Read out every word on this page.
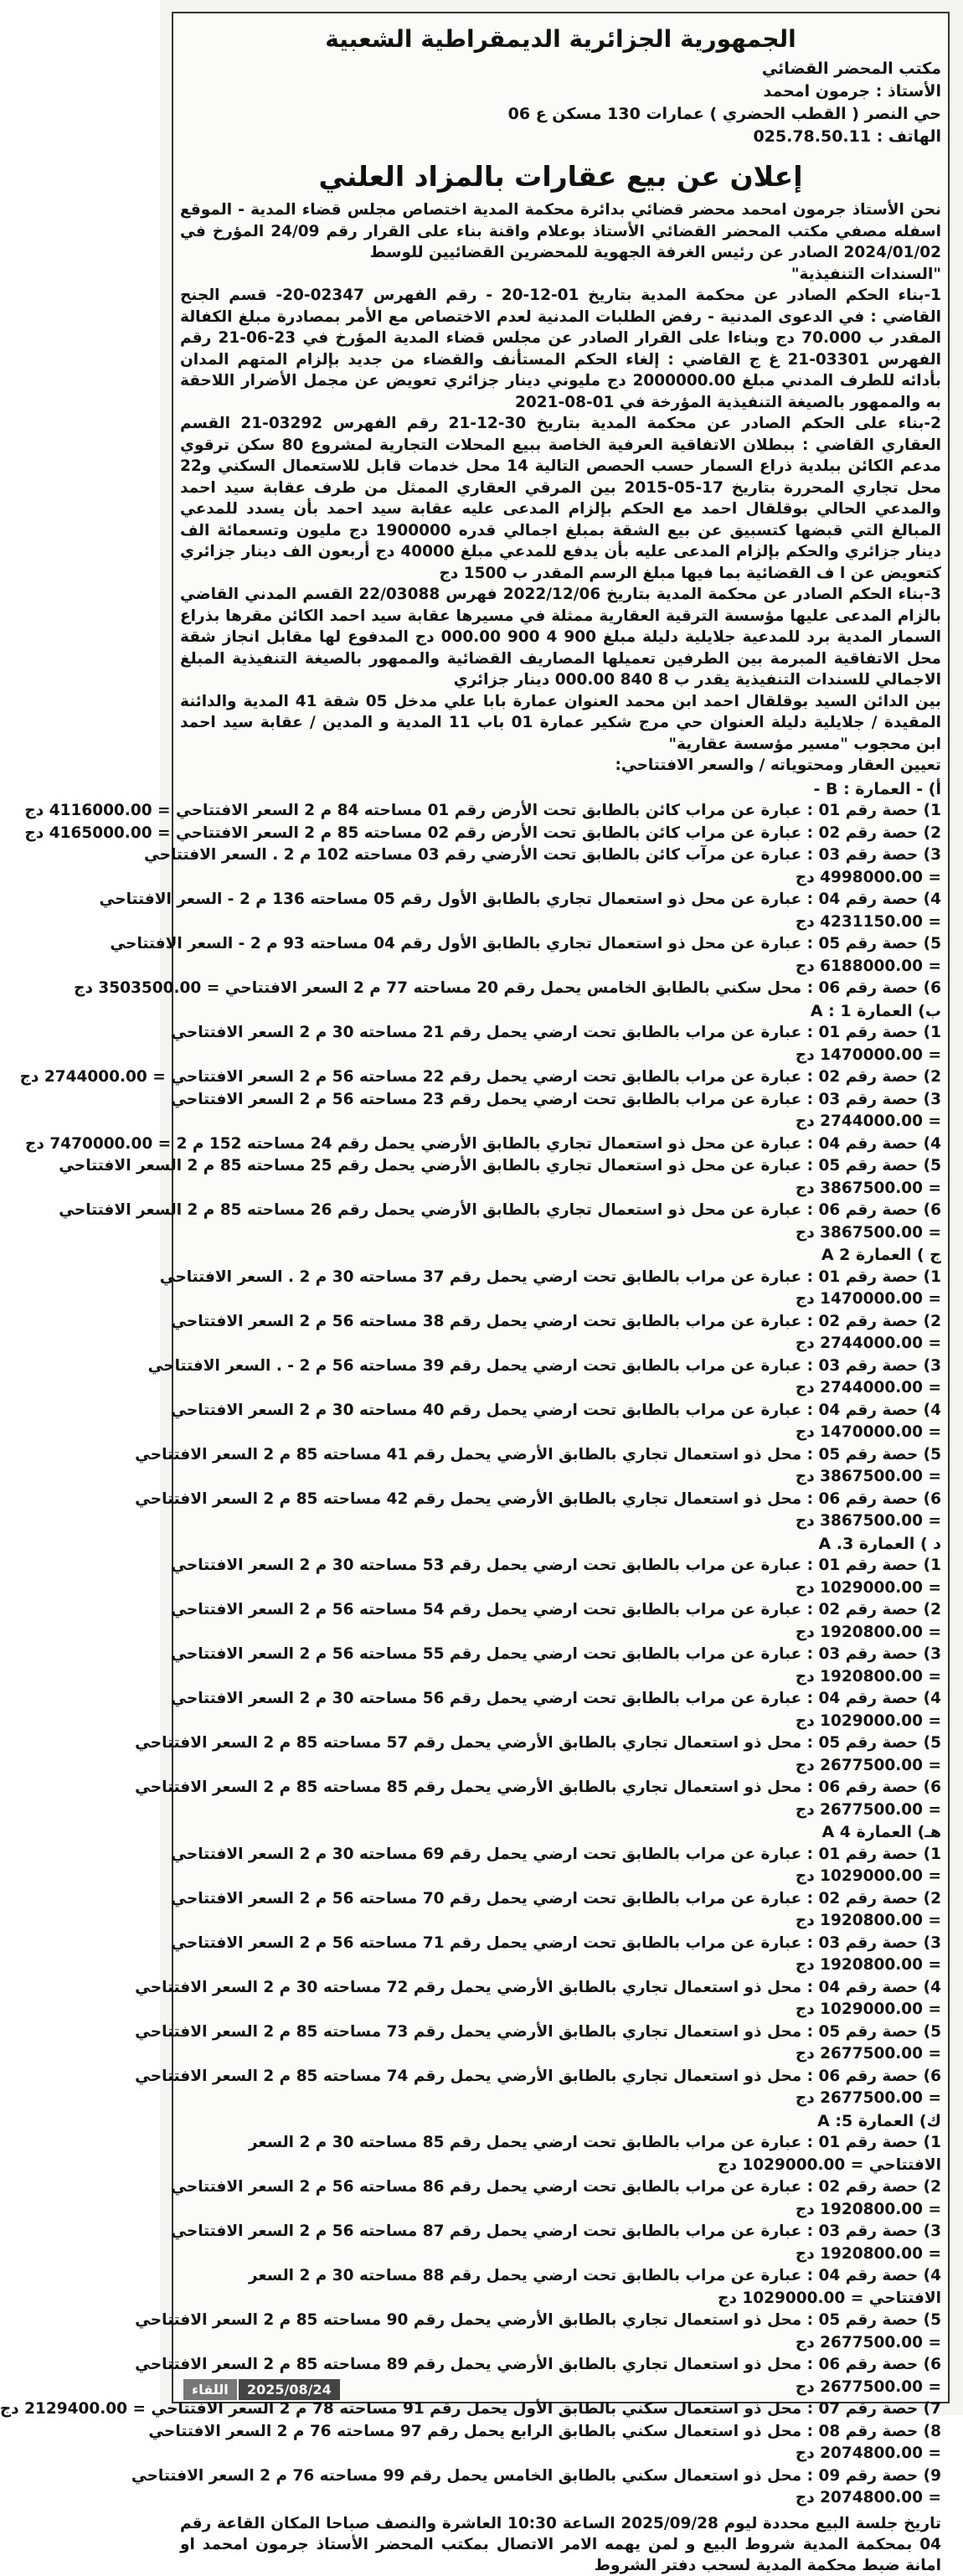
الجمهورية الجزائرية الديمقراطية الشعبية
مكتب المحضر القضائي
الأستاذ : جرمون امحمد
حي النصر ( القطب الحضري ) عمارات 130 مسكن ع 06
الهاتف : 025.78.50.11
إعلان عن بيع عقارات بالمزاد العلني
نحن الأستاذ جرمون امحمد محضر قضائي بدائرة محكمة المدية اختصاص مجلس قضاء المدية - الموقع اسفله مصفي مكتب المحضر القضائي الأستاذ بوعلام واقنة بناء على القرار رقم 24/09 المؤرخ في 2024/01/02 الصادر عن رئيس الغرفة الجهوية للمحضرين القضائيين للوسط
"السندات التنفيذية"
1-بناء الحكم الصادر عن محكمة المدية بتاريخ 01-12-20 - رقم الفهرس 02347-20- قسم الجنح القاضي : في الدعوى المدنية - رفض الطلبات المدنية لعدم الاختصاص مع الأمر بمصادرة مبلغ الكفالة المقدر ب 70.000 دج وبناءا على القرار الصادر عن مجلس قضاء المدية المؤرخ في 23-06-21 رقم الفهرس 03301-21 غ ج القاضي : إلغاء الحكم المستأنف والقضاء من جديد بإلزام المتهم المدان بأدائه للطرف المدني مبلغ 2000000.00 دج مليوني دينار جزائري تعويض عن مجمل الأضرار اللاحقة به والممهور بالصيغة التنفيذية المؤرخة في 01-08-2021
2-بناء على الحكم الصادر عن محكمة المدية بتاريخ 30-12-21 رقم الفهرس 03292-21 القسم العقاري القاضي : ببطلان الاتفاقية العرفية الخاصة ببيع المحلات التجارية لمشروع 80 سكن ترقوي مدعم الكائن ببلدية ذراع السمار حسب الحصص التالية 14 محل خدمات قابل للاستعمال السكني و22 محل تجاري المحررة بتاريخ 17-05-2015 بين المرقي العقاري الممثل من طرف عقابة سيد احمد والمدعي الحالي بوقلقال احمد مع الحكم بإلزام المدعى عليه عقابة سيد احمد بأن يسدد للمدعي المبالغ التي قبضها كتسبيق عن بيع الشقة بمبلغ اجمالي قدره 1900000 دج مليون وتسعمائة الف دينار جزائري والحكم بإلزام المدعى عليه بأن يدفع للمدعي مبلغ 40000 دج أربعون الف دينار جزائري كتعويض عن ا ف القضائية بما فيها مبلغ الرسم المقدر ب 1500 دج
3-بناء الحكم الصادر عن محكمة المدية بتاريخ 2022/12/06 فهرس 22/03088 القسم المدني القاضي بالزام المدعى عليها مؤسسة الترقية العقارية ممثلة في مسيرها عقابة سيد احمد الكائن مقرها بذراع السمار المدية برد للمدعية جلايلية دليلة مبلغ 900 4 900 000.00 دج المدفوع لها مقابل انجاز شقة محل الاتفاقية المبرمة بين الطرفين تعميلها المصاريف القضائية والممهور بالصيغة التنفيذية المبلغ الاجمالي للسندات التنفيذية يقدر ب 8 840 000.00 دينار جزائري
بين الدائن السيد بوقلقال احمد ابن محمد العنوان عمارة بابا علي مدخل 05 شقة 41 المدية والدائنة المقيدة / جلايلية دليلة العنوان حي مرج شكير عمارة 01 باب 11 المدية و المدين / عقابة سيد احمد ابن محجوب "مسير مؤسسة عقارية"
تعيين العقار ومحتوياته / والسعر الافتتاحي:
أ) - العمارة : B -
1) حصة رقم 01 : عبارة عن مراب كائن بالطابق تحت الأرض رقم 01 مساحته 84 م 2 السعر الافتتاحي = 4116000.00 دج
2) حصة رقم 02 : عبارة عن مراب كائن بالطابق تحت الأرض رقم 02 مساحته 85 م 2 السعر الافتتاحي = 4165000.00 دج
3) حصة رقم 03 : عبارة عن مرآب كائن بالطابق تحت الأرضي رقم 03 مساحته 102 م 2 . السعر الافتتاحي
= 4998000.00 دج
4) حصة رقم 04 : عبارة عن محل ذو استعمال تجاري بالطابق الأول رقم 05 مساحته 136 م 2 - السعر الافتتاحي
= 4231150.00 دج
5) حصة رقم 05 : عبارة عن محل ذو استعمال تجاري بالطابق الأول رقم 04 مساحته 93 م 2 - السعر الافتتاحي
= 6188000.00 دج
6) حصة رقم 06 : محل سكني بالطابق الخامس يحمل رقم 20 مساحته 77 م 2 السعر الافتتاحي = 3503500.00 دج
ب) العمارة 1 : A
1) حصة رقم 01 : عبارة عن مراب بالطابق تحت ارضي يحمل رقم 21 مساحته 30 م 2 السعر الافتتاحي
= 1470000.00 دج
2) حصة رقم 02 : عبارة عن مراب بالطابق تحت ارضي يحمل رقم 22 مساحته 56 م 2 السعر الافتتاحي = 2744000.00 دج
3) حصة رقم 03 : عبارة عن مراب بالطابق تحت ارضي يحمل رقم 23 مساحته 56 م 2 السعر الافتتاحي
= 2744000.00 دج
4) حصة رقم 04 : عبارة عن محل ذو استعمال تجاري بالطابق الأرضي يحمل رقم 24 مساحته 152 م 2 = 7470000.00 دج
5) حصة رقم 05 : عبارة عن محل ذو استعمال تجاري بالطابق الأرضي يحمل رقم 25 مساحته 85 م 2 السعر الافتتاحي
= 3867500.00 دج
6) حصة رقم 06 : عبارة عن محل ذو استعمال تجاري بالطابق الأرضي يحمل رقم 26 مساحته 85 م 2 السعر الافتتاحي
= 3867500.00 دج
ج ) العمارة A 2
1) حصة رقم 01 : عبارة عن مراب بالطابق تحت ارضي يحمل رقم 37 مساحته 30 م 2 . السعر الافتتاحي
= 1470000.00 دج
2) حصة رقم 02 : عبارة عن مراب بالطابق تحت ارضي يحمل رقم 38 مساحته 56 م 2 السعر الافتتاحي
= 2744000.00 دج
3) حصة رقم 03 : عبارة عن مراب بالطابق تحت ارضي يحمل رقم 39 مساحته 56 م 2 - . السعر الافتتاحي
= 2744000.00 دج
4) حصة رقم 04 : عبارة عن مراب بالطابق تحت ارضي يحمل رقم 40 مساحته 30 م 2 السعر الافتتاحي
= 1470000.00 دج
5) حصة رقم 05 : محل ذو استعمال تجاري بالطابق الأرضي يحمل رقم 41 مساحته 85 م 2 السعر الافتتاحي
= 3867500.00 دج
6) حصة رقم 06 : محل ذو استعمال تجاري بالطابق الأرضي يحمل رقم 42 مساحته 85 م 2 السعر الافتتاحي
= 3867500.00 دج
د ) العمارة 3. A
1) حصة رقم 01 : عبارة عن مراب بالطابق تحت ارضي يحمل رقم 53 مساحته 30 م 2 السعر الافتتاحي
= 1029000.00 دج
2) حصة رقم 02 : عبارة عن مراب بالطابق تحت ارضي يحمل رقم 54 مساحته 56 م 2 السعر الافتتاحي
= 1920800.00 دج
3) حصة رقم 03 : عبارة عن مراب بالطابق تحت ارضي يحمل رقم 55 مساحته 56 م 2 السعر الافتتاحي
= 1920800.00 دج
4) حصة رقم 04 : عبارة عن مراب بالطابق تحت ارضي يحمل رقم 56 مساحته 30 م 2 السعر الافتتاحي
= 1029000.00 دج
5) حصة رقم 05 : محل ذو استعمال تجاري بالطابق الأرضي يحمل رقم 57 مساحته 85 م 2 السعر الافتتاحي
= 2677500.00 دج
6) حصة رقم 06 : محل ذو استعمال تجاري بالطابق الأرضي يحمل رقم 85 مساحته 85 م 2 السعر الافتتاحي
= 2677500.00 دج
هـ) العمارة A 4
1) حصة رقم 01 : عبارة عن مراب بالطابق تحت ارضي يحمل رقم 69 مساحته 30 م 2 السعر الافتتاحي
= 1029000.00 دج
2) حصة رقم 02 : عبارة عن مراب بالطابق تحت ارضي يحمل رقم 70 مساحته 56 م 2 السعر الافتتاحي
= 1920800.00 دج
3) حصة رقم 03 : عبارة عن مراب بالطابق تحت ارضي يحمل رقم 71 مساحته 56 م 2 السعر الافتتاحي
= 1920800.00 دج
4) حصة رقم 04 : محل ذو استعمال تجاري بالطابق الأرضي يحمل رقم 72 مساحته 30 م 2 السعر الافتتاحي
= 1029000.00 دج
5) حصة رقم 05 : محل ذو استعمال تجاري بالطابق الأرضي يحمل رقم 73 مساحته 85 م 2 السعر الافتتاحي
= 2677500.00 دج
6) حصة رقم 06 : محل ذو استعمال تجاري بالطابق الأرضي يحمل رقم 74 مساحته 85 م 2 السعر الافتتاحي
= 2677500.00 دج
ك) العمارة 5: A
1) حصة رقم 01 : عبارة عن مراب بالطابق تحت ارضي يحمل رقم 85 مساحته 30 م 2 السعر
الافتتاحي = 1029000.00 دج
2) حصة رقم 02 : عبارة عن مراب بالطابق تحت ارضي يحمل رقم 86 مساحته 56 م 2 السعر الافتتاحي
= 1920800.00 دج
3) حصة رقم 03 : عبارة عن مراب بالطابق تحت ارضي يحمل رقم 87 مساحته 56 م 2 السعر الافتتاحي
= 1920800.00 دج
4) حصة رقم 04 : عبارة عن مراب بالطابق تحت ارضي يحمل رقم 88 مساحته 30 م 2 السعر
الافتتاحي = 1029000.00 دج
5) حصة رقم 05 : محل ذو استعمال تجاري بالطابق الأرضي يحمل رقم 90 مساحته 85 م 2 السعر الافتتاحي
= 2677500.00 دج
6) حصة رقم 06 : محل ذو استعمال تجاري بالطابق الأرضي يحمل رقم 89 مساحته 85 م 2 السعر الافتتاحي
= 2677500.00 دج
7) حصة رقم 07 : محل ذو استعمال سكني بالطابق الأول يحمل رقم 91 مساحته 78 م 2 السعر الافتتاحي = 2129400.00 دج
8) حصة رقم 08 : محل ذو استعمال سكني بالطابق الرابع يحمل رقم 97 مساحته 76 م 2 السعر الافتتاحي
= 2074800.00 دج
9) حصة رقم 09 : محل ذو استعمال سكني بالطابق الخامس يحمل رقم 99 مساحته 76 م 2 السعر الافتتاحي
= 2074800.00 دج
تاريخ جلسة البيع محددة ليوم 2025/09/28 الساعة 10:30 العاشرة والنصف صباحا المكان القاعة رقم 04 بمحكمة المدية شروط البيع و لمن يهمه الامر الاتصال بمكتب المحضر الأستاذ جرمون امحمد او امانة ضبط محكمة المدية لسحب دفتر الشروط
اللقاء	2025/08/24
